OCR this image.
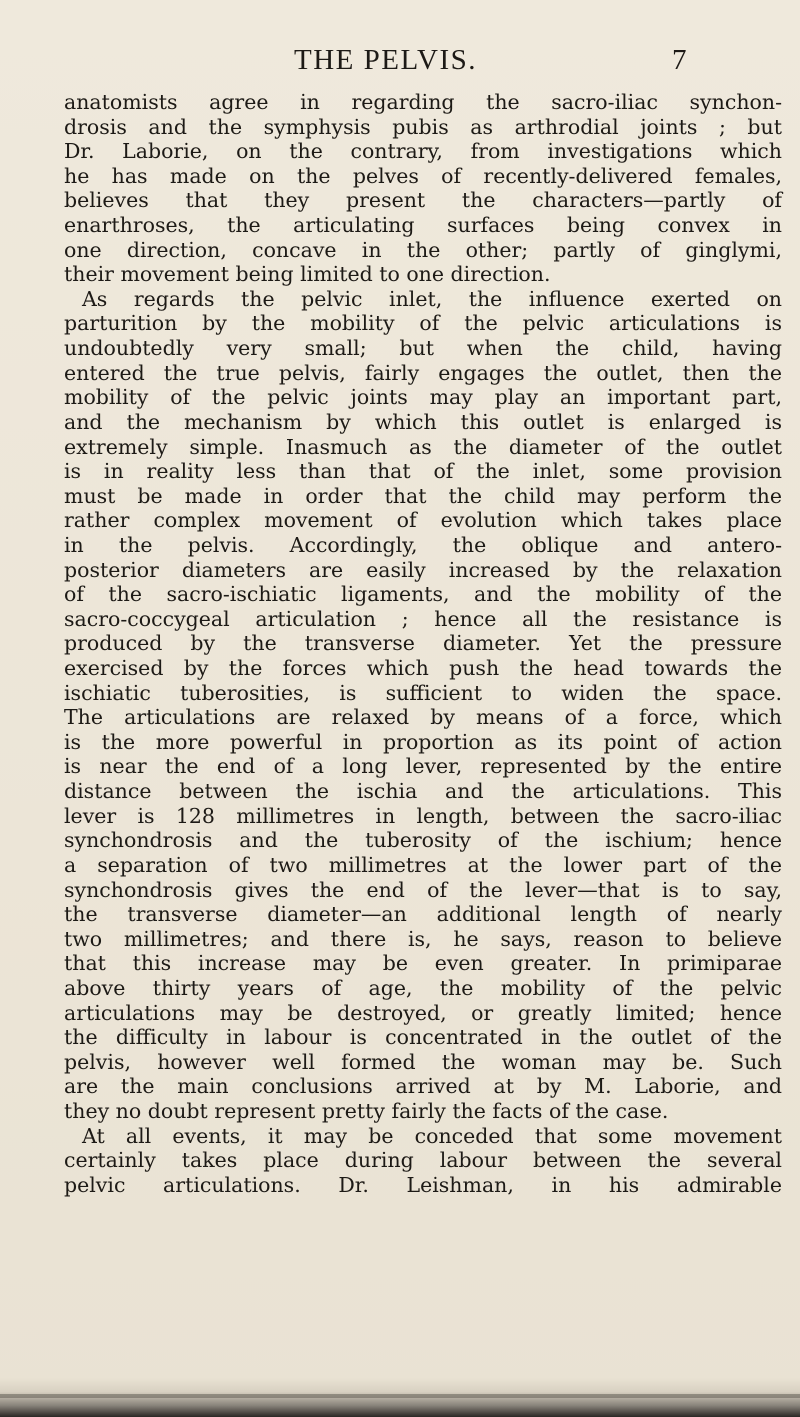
THE PELVIS.	7
anatomists agree in regarding the sacro-iliac synchon-
drosis and the symphysis pubis as arthrodial joints ; but
Dr. Laborie, on the contrary, from investigations which
he has made on the pelves of recently-delivered females,
believes that they present the characters—partly of
enarthroses, the articulating surfaces being convex in
one direction, concave in the other; partly of ginglymi,
their movement being limited to one direction.
As regards the pelvic inlet, the influence exerted on
parturition by the mobility of the pelvic articulations is
undoubtedly very small; but when the child, having
entered the true pelvis, fairly engages the outlet, then the
mobility of the pelvic joints may play an important part,
and the mechanism by which this outlet is enlarged is
extremely simple. Inasmuch as the diameter of the outlet
is in reality less than that of the inlet, some provision
must be made in order that the child may perform the
rather complex movement of evolution which takes place
in the pelvis. Accordingly, the oblique and antero-
posterior diameters are easily increased by the relaxation
of the sacro-ischiatic ligaments, and the mobility of the
sacro-coccygeal articulation ; hence all the resistance is
produced by the transverse diameter. Yet the pressure
exercised by the forces which push the head towards the
ischiatic tuberosities, is sufficient to widen the space.
The articulations are relaxed by means of a force, which
is the more powerful in proportion as its point of action
is near the end of a long lever, represented by the entire
distance between the ischia and the articulations. This
lever is 128 millimetres in length, between the sacro-iliac
synchondrosis and the tuberosity of the ischium; hence
a separation of two millimetres at the lower part of the
synchondrosis gives the end of the lever—that is to say,
the transverse diameter—an additional length of nearly
two millimetres; and there is, he says, reason to believe
that this increase may be even greater. In primiparae
above thirty years of age, the mobility of the pelvic
articulations may be destroyed, or greatly limited; hence
the difficulty in labour is concentrated in the outlet of the
pelvis, however well formed the woman may be. Such
are the main conclusions arrived at by M. Laborie, and
they no doubt represent pretty fairly the facts of the case.
At all events, it may be conceded that some movement
certainly takes place during labour between the several
pelvic articulations. Dr. Leishman, in his admirable
